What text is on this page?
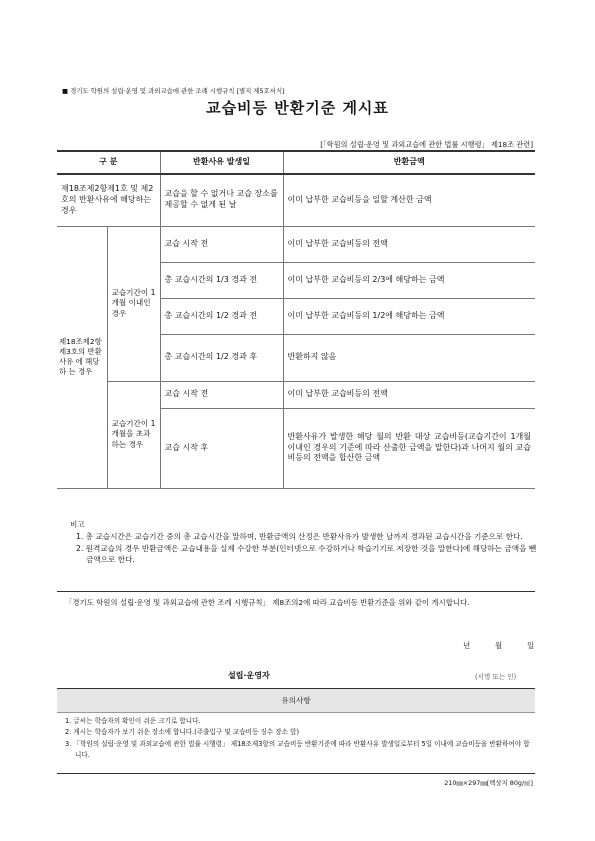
■ 경기도 학원의 설립·운영 및 과외교습에 관한 조례 시행규칙 [별지 제5호서식]
교습비등 반환기준 게시표
[「학원의 설립·운영 및 과외교습에 관한 법률 시행령」 제18조 관련]
구 분		반환사유 발생일	반환금액
제18조제2항제1호 및 제2호의 반환사유에 해당하는 경우		교습을 할 수 없거나 교습 장소를 제공할 수 없게 된 날	이미 납부한 교습비등을 일할 계산한 금액
제18조제2항 제3호의 반환사유 에 해당하 는 경우	교습기간이 1개월 이내인 경우	교습 시작 전	이미 납부한 교습비등의 전액
		총 교습시간의 1/3 경과 전	이미 납부한 교습비등의 2/3에 해당하는 금액
		총 교습시간의 1/2 경과 전	이미 납부한 교습비등의 1/2에 해당하는 금액
		총 교습시간의 1/2 경과 후	반환하지 않음
	교습기간이 1개월을 초과하는 경우	교습 시작 전	이미 납부한 교습비등의 전액
		교습 시작 후	반환사유가 발생한 해당 월의 반환 대상 교습비등(교습기간이 1개월 이내인 경우의 기준에 따라 산출한 금액을 말한다)과 나머지 월의 교습비등의 전액을 합산한 금액
비고
1. 총 교습시간은 교습기간 중의 총 교습시간을 말하며, 반환금액의 산정은 반환사유가 발생한 날까지 경과된 교습시간을 기준으로 한다.
2. 원격교습의 경우 반환금액은 교습내용을 실제 수강한 부분(인터넷으로 수강하거나 학습기기로 저장한 것을 말한다)에 해당하는 금액을 뺀 금액으로 한다.
「경기도 학원의 설립·운영 및 과외교습에 관한 조례 시행규칙」 제8조의2에 따라 교습비등 반환기준을 위와 같이 게시합니다.
년	월	일
설립·운영자	(서명 또는 인)
유의사항
1. 글씨는 학습자의 확인이 쉬운 크기로 합니다.
2. 게시는 학습자가 보기 쉬운 장소에 합니다.(주출입구 및 교습비등 징수 장소 앞)
3. 「학원의 설립·운영 및 과외교습에 관한 법률 시행령」 제18조제3항의 교습비등 반환기준에 따라 반환사유 발생일로부터 5일 이내에 교습비등을 반환하여야 합니다.
210㎜×297㎜[백상지 80g/㎡]
